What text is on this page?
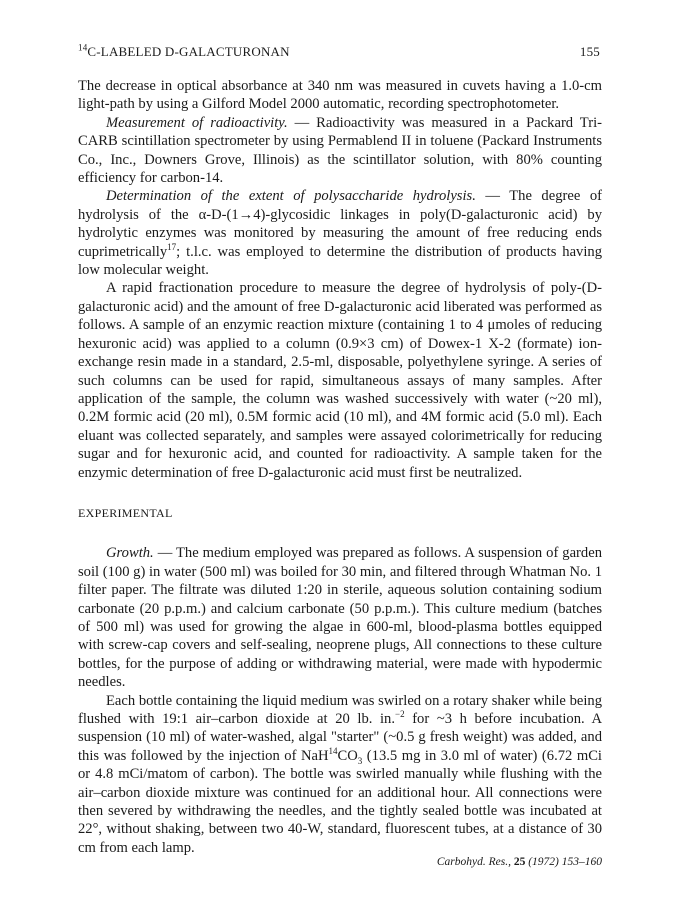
$^{14}$C-LABELED D-GALACTURONAN	155

The decrease in optical absorbance at 340 nm was measured in cuvets having a 1.0-cm light-path by using a Gilford Model 2000 automatic, recording spectrophotometer.

Measurement of radioactivity. — Radioactivity was measured in a Packard Tri-CARB scintillation spectrometer by using Permablend II in toluene (Packard Instruments Co., Inc., Downers Grove, Illinois) as the scintillator solution, with 80% counting efficiency for carbon-14.

Determination of the extent of polysaccharide hydrolysis. — The degree of hydrolysis of the α-D-(1→4)-glycosidic linkages in poly(D-galacturonic acid) by hydrolytic enzymes was monitored by measuring the amount of free reducing ends cuprimetrically$^{17}$; t.l.c. was employed to determine the distribution of products having low molecular weight.

A rapid fractionation procedure to measure the degree of hydrolysis of poly-(D-galacturonic acid) and the amount of free D-galacturonic acid liberated was performed as follows. A sample of an enzymic reaction mixture (containing 1 to 4 μmoles of reducing hexuronic acid) was applied to a column (0.9×3 cm) of Dowex-1 X-2 (formate) ion-exchange resin made in a standard, 2.5-ml, disposable, polyethylene syringe. A series of such columns can be used for rapid, simultaneous assays of many samples. After application of the sample, the column was washed successively with water (~20 ml), 0.2M formic acid (20 ml), 0.5M formic acid (10 ml), and 4M formic acid (5.0 ml). Each eluant was collected separately, and samples were assayed colorimetrically for reducing sugar and for hexuronic acid, and counted for radioactivity. A sample taken for the enzymic determination of free D-galacturonic acid must first be neutralized.

EXPERIMENTAL

Growth. — The medium employed was prepared as follows. A suspension of garden soil (100 g) in water (500 ml) was boiled for 30 min, and filtered through Whatman No. 1 filter paper. The filtrate was diluted 1:20 in sterile, aqueous solution containing sodium carbonate (20 p.p.m.) and calcium carbonate (50 p.p.m.). This culture medium (batches of 500 ml) was used for growing the algae in 600-ml, blood-plasma bottles equipped with screw-cap covers and self-sealing, neoprene plugs, All connections to these culture bottles, for the purpose of adding or withdrawing material, were made with hypodermic needles.

Each bottle containing the liquid medium was swirled on a rotary shaker while being flushed with 19:1 air–carbon dioxide at 20 lb. in.$^{-2}$ for ~3 h before incubation. A suspension (10 ml) of water-washed, algal "starter" (~0.5 g fresh weight) was added, and this was followed by the injection of $NaH^{14}CO_3$ (13.5 mg in 3.0 ml of water) (6.72 mCi or 4.8 mCi/matom of carbon). The bottle was swirled manually while flushing with the air–carbon dioxide mixture was continued for an additional hour. All connections were then severed by withdrawing the needles, and the tightly sealed bottle was incubated at 22°, without shaking, between two 40-W, standard, fluorescent tubes, at a distance of 30 cm from each lamp.

Carbohyd. Res., 25 (1972) 153–160
